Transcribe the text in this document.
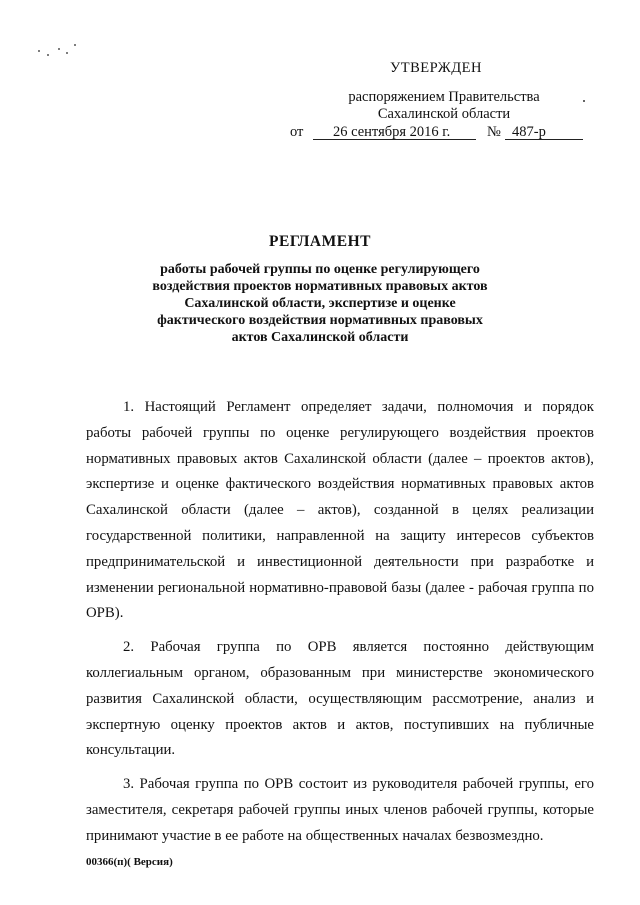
УТВЕРЖДЕН
распоряжением Правительства
Сахалинской области
от 26 сентября 2016 г.	№ 487-р
РЕГЛАМЕНТ
работы рабочей группы по оценке регулирующего
воздействия проектов нормативных правовых актов
Сахалинской области, экспертизе и оценке
фактического воздействия нормативных правовых
актов Сахалинской области

1. Настоящий Регламент определяет задачи, полномочия и порядок работы рабочей группы по оценке регулирующего воздействия проектов нормативных правовых актов Сахалинской области (далее – проектов актов), экспертизе и оценке фактического воздействия нормативных правовых актов Сахалинской области (далее – актов), созданной в целях реализации государственной политики, направленной на защиту интересов субъектов предпринимательской и инвестиционной деятельности при разработке и изменении региональной нормативно-правовой базы (далее - рабочая группа по ОРВ).

2. Рабочая группа по ОРВ является постоянно действующим коллегиальным органом, образованным при министерстве экономического развития Сахалинской области, осуществляющим рассмотрение, анализ и экспертную оценку проектов актов и актов, поступивших на публичные консультации.

3. Рабочая группа по ОРВ состоит из руководителя рабочей группы, его заместителя, секретаря рабочей группы иных членов рабочей группы, которые принимают участие в ее работе на общественных началах безвозмездно.

00366(п)( Версия)
